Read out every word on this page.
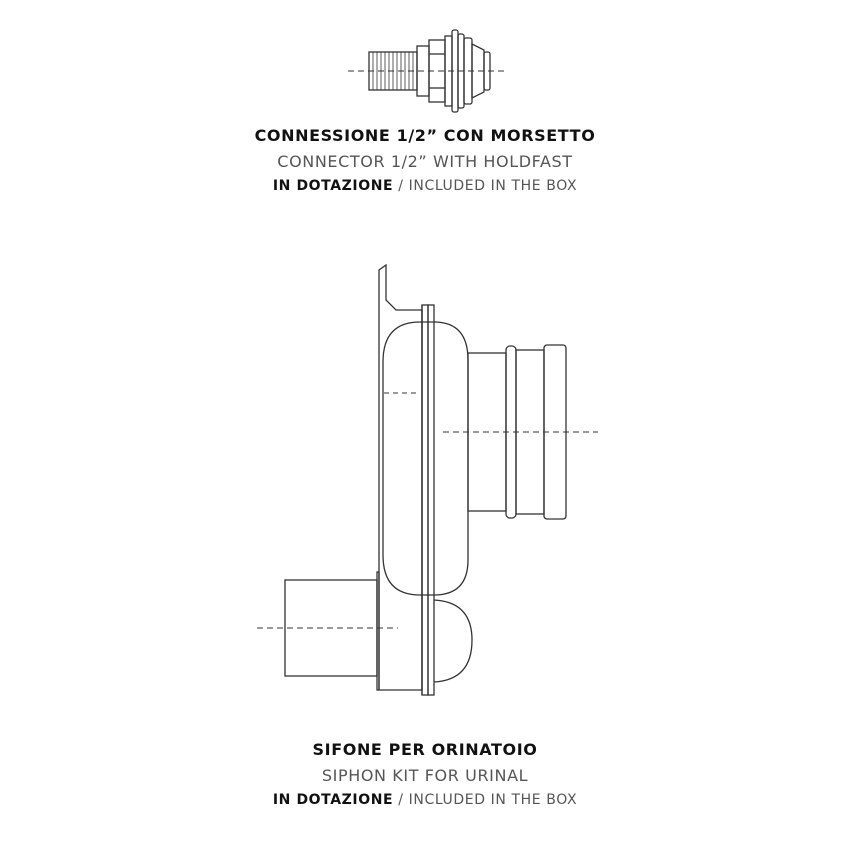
CONNESSIONE 1/2” CON MORSETTO
CONNECTOR 1/2” WITH HOLDFAST
IN DOTAZIONE / INCLUDED IN THE BOX
SIFONE PER ORINATOIO
SIPHON KIT FOR URINAL
IN DOTAZIONE / INCLUDED IN THE BOX
